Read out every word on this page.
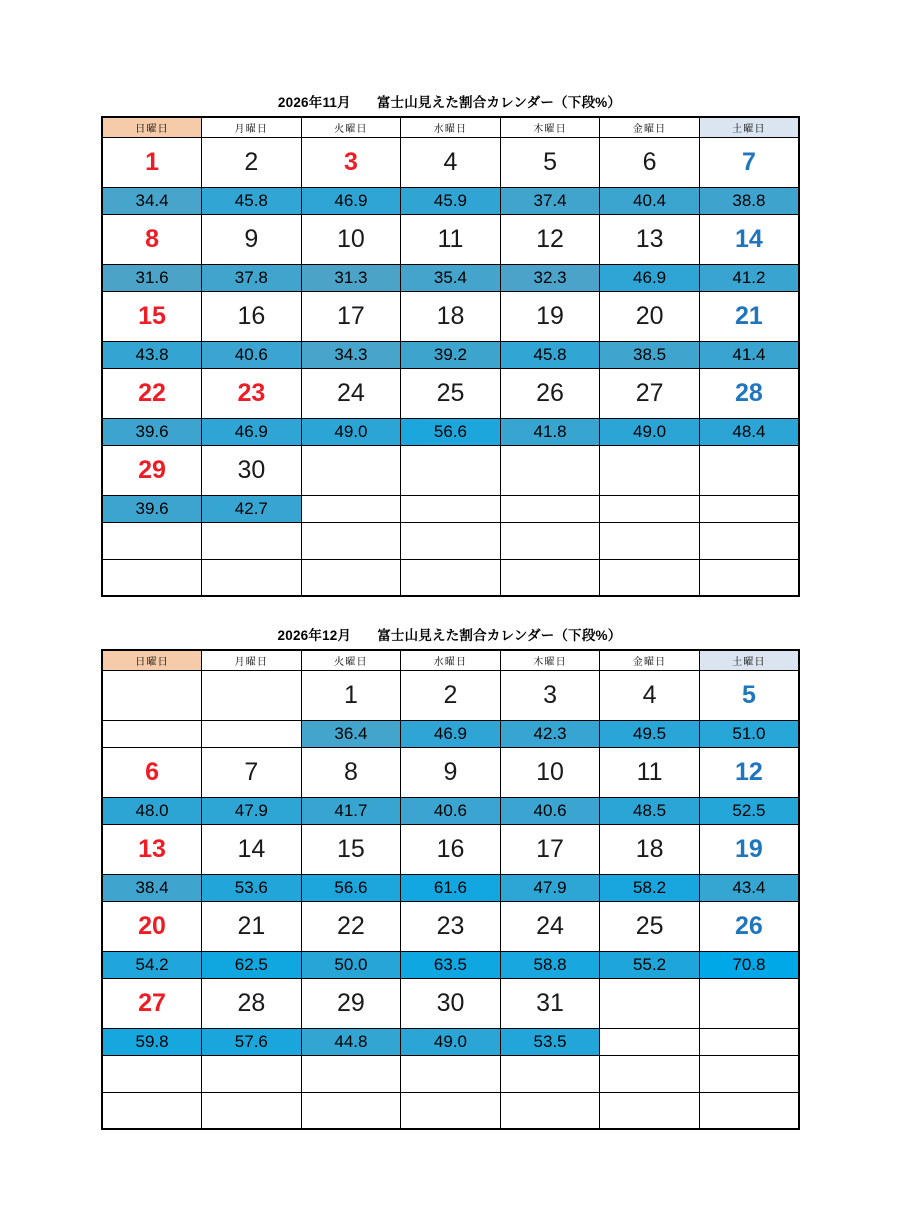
2026年11月 富士山見えた割合カレンダー（下段%）
日曜日	月曜日	火曜日	水曜日	木曜日	金曜日	土曜日
1	2	3	4	5	6	7
34.4	45.8	46.9	45.9	37.4	40.4	38.8
8	9	10	11	12	13	14
31.6	37.8	31.3	35.4	32.3	46.9	41.2
15	16	17	18	19	20	21
43.8	40.6	34.3	39.2	45.8	38.5	41.4
22	23	24	25	26	27	28
39.6	46.9	49.0	56.6	41.8	49.0	48.4
29	30					
39.6	42.7					

2026年12月 富士山見えた割合カレンダー（下段%）
日曜日	月曜日	火曜日	水曜日	木曜日	金曜日	土曜日
		1	2	3	4	5
		36.4	46.9	42.3	49.5	51.0
6	7	8	9	10	11	12
48.0	47.9	41.7	40.6	40.6	48.5	52.5
13	14	15	16	17	18	19
38.4	53.6	56.6	61.6	47.9	58.2	43.4
20	21	22	23	24	25	26
54.2	62.5	50.0	63.5	58.8	55.2	70.8
27	28	29	30	31		
59.8	57.6	44.8	49.0	53.5		
